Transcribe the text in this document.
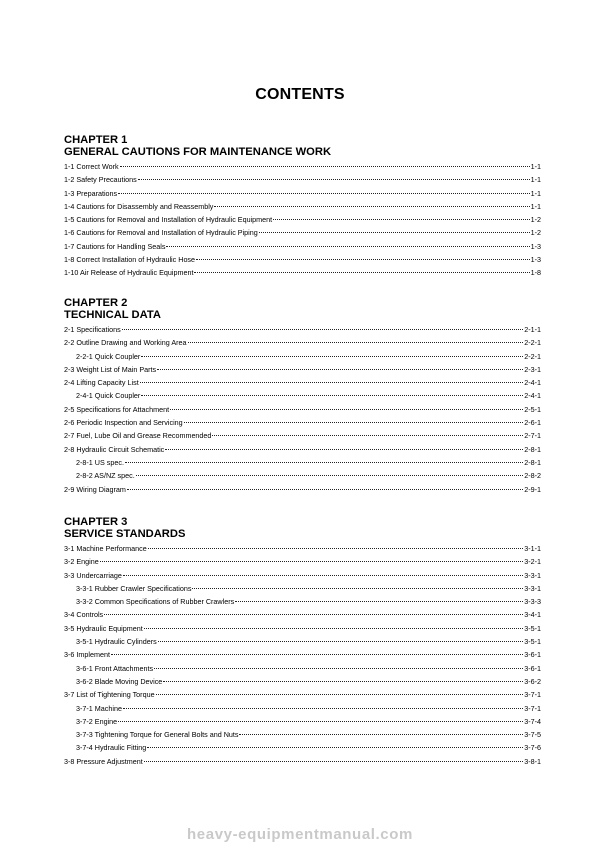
CONTENTS
CHAPTER 1
GENERAL CAUTIONS FOR MAINTENANCE WORK
1-1 Correct Work	1-1
1-2 Safety Precautions	1-1
1-3 Preparations	1-1
1-4 Cautions for Disassembly and Reassembly	1-1
1-5 Cautions for Removal and Installation of Hydraulic Equipment	1-2
1-6 Cautions for Removal and Installation of Hydraulic Piping	1-2
1-7 Cautions for Handling Seals	1-3
1-8 Correct Installation of Hydraulic Hose	1-3
1-10 Air Release of Hydraulic Equipment	1-8
CHAPTER 2
TECHNICAL DATA
2-1 Specifications	2-1-1
2-2 Outline Drawing and Working Area	2-2-1
2-2-1 Quick Coupler	2-2-1
2-3 Weight List of Main Parts	2-3-1
2-4 Lifting Capacity List	2-4-1
2-4-1 Quick Coupler	2-4-1
2-5 Specifications for Attachment	2-5-1
2-6 Periodic Inspection and Servicing	2-6-1
2-7 Fuel, Lube Oil and Grease Recommended	2-7-1
2-8 Hydraulic Circuit Schematic	2-8-1
2-8-1 US spec.	2-8-1
2-8-2 AS/NZ spec.	2-8-2
2-9 Wiring Diagram	2-9-1
CHAPTER 3
SERVICE STANDARDS
3-1 Machine Performance	3-1-1
3-2 Engine	3-2-1
3-3 Undercarriage	3-3-1
3-3-1 Rubber Crawler Specifications	3-3-1
3-3-2 Common Specifications of Rubber Crawlers	3-3-3
3-4 Controls	3-4-1
3-5 Hydraulic Equipment	3-5-1
3-5-1 Hydraulic Cylinders	3-5-1
3-6 Implement	3-6-1
3-6-1 Front Attachments	3-6-1
3-6-2 Blade Moving Device	3-6-2
3-7 List of Tightening Torque	3-7-1
3-7-1 Machine	3-7-1
3-7-2 Engine	3-7-4
3-7-3 Tightening Torque for General Bolts and Nuts	3-7-5
3-7-4 Hydraulic Fitting	3-7-6
3-8 Pressure Adjustment	3-8-1
heavy-equipmentmanual.com
